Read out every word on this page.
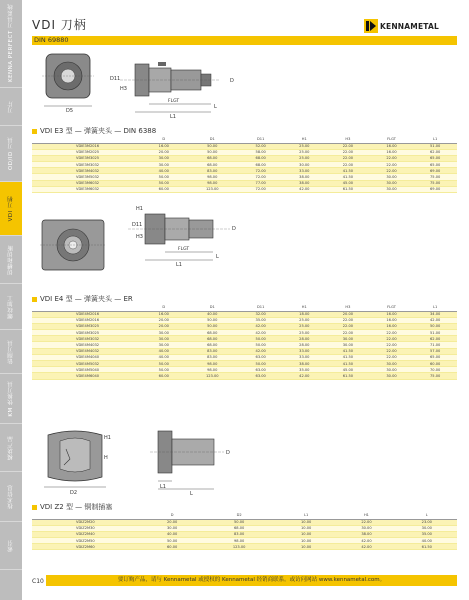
KENNA PERFECT 刀具系统
刀片
OD/ID 刀具
VDI 刀柄
切槽和切断
螺纹加工
钻削刀具
KM 快换刀具
模块产品
技术信息
索引
VDI 刀柄	KENNAMETAL
DIN 69880
D5
D11
H3
D
FLGT
L1
L
VDI E3 型 — 弹簧夹头 — DIN 6388
	D	D1	D11	H1	H3	FLGT	L1
VDIE3M2016	16.00	50.00	52.00	25.00	22.00	16.00	51.00
VDIE3M2025	20.00	50.00	58.00	25.00	22.00	16.00	62.00
VDIE3M3025	30.00	68.00	68.00	25.00	22.00	22.00	65.00
VDIE3M3032	30.00	68.00	68.00	30.00	22.00	22.00	65.00
VDIE3M4032	40.00	83.00	72.00	33.00	41.50	22.00	69.00
VDIE3M5032	50.00	98.00	72.00	38.00	41.50	30.00	75.00
VDIE3M6032	50.00	98.00	77.00	38.00	45.00	30.00	75.00
VDIE3M6032	60.00	123.00	72.00	42.00	61.50	30.00	69.00
H1
D11
H3
D
FLGT
L1
L
VDI E4 型 — 弹簧夹头 — ER
	D	D1	D11	H1	H3	FLGT	L1
VDIE4M2016	16.00	40.00	32.00	18.00	20.00	16.00	34.00
VDIE4M2016	20.00	50.00	35.00	25.00	22.00	16.00	42.00
VDIE4M3025	20.00	50.00	42.00	25.00	22.00	16.00	50.00
VDIE4M3025	30.00	68.00	42.00	25.00	22.00	22.00	51.00
VDIE4M3032	30.00	68.00	50.00	28.00	30.00	22.00	62.00
VDIE4M4032	30.00	68.00	50.00	28.00	30.00	22.00	71.00
VDIE4M4032	40.00	83.00	42.00	33.00	41.50	22.00	57.00
VDIE4M4040	40.00	83.00	63.00	33.00	41.50	22.00	65.00
VDIE4M5032	50.00	98.00	50.00	38.00	41.50	30.00	60.00
VDIE4M5040	50.00	98.00	63.00	35.00	45.00	30.00	70.00
VDIE4M6040	60.00	123.00	63.00	42.00	61.50	30.00	75.00
D2
H1
H
D
L1
L
VDI Z2 型 — 铜制插塞
	D	D2	L1	H1	L
VDIZ2M20	20.00	50.00	10.00	22.00	23.00
VDIZ2M30	30.00	68.00	10.00	30.00	30.00
VDIZ2M40	40.00	83.00	10.00	38.00	35.00
VDIZ2M50	50.00	98.00	10.00	42.00	40.00
VDIZ2M60	60.00	123.00	10.00	42.00	61.50
C10	要订购产品，请与 Kennametal 或授权的 Kennametal 经销商联系。或访问网站 www.kennametal.com。
